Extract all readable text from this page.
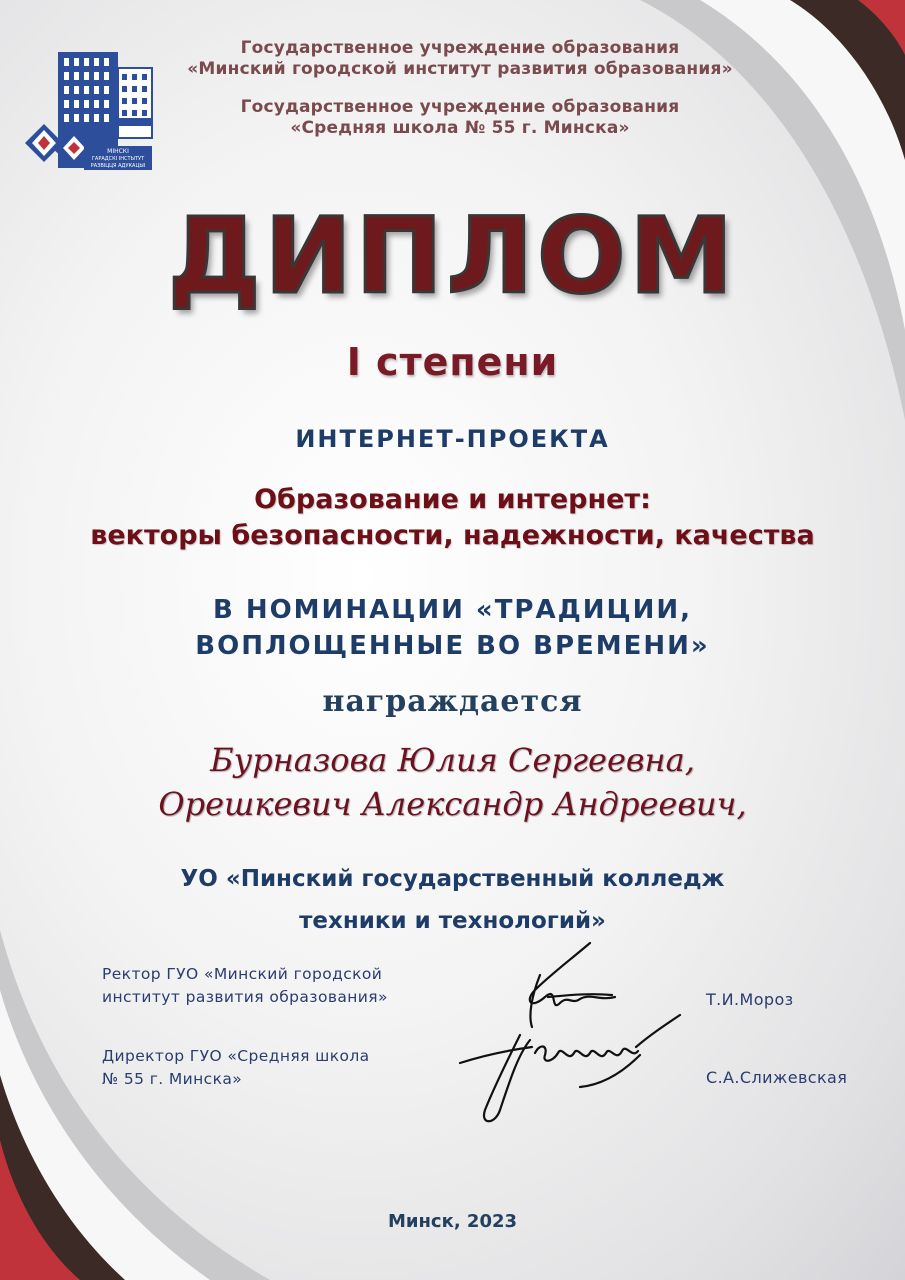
МІНСКІ
ГАРАДСКІ ІНСТЫТУТ
РАЗВІЦЦЯ АДУКАЦЫІ
Государственное учреждение образования
«Минский городской институт развития образования»
Государственное учреждение образования
«Средняя школа № 55 г. Минска»
ДИПЛОМ
I степени
ИНТЕРНЕТ-ПРОЕКТА
Образование и интернет:
векторы безопасности, надежности, качества
В НОМИНАЦИИ «ТРАДИЦИИ,
ВОПЛОЩЕННЫЕ ВО ВРЕМЕНИ»
награждается
Бурназова Юлия Сергеевна,
Орешкевич Александр Андреевич,
УО «Пинский государственный колледж
техники и технологий»
Ректор ГУО «Минский городской
институт развития образования»	Т.И.Мороз
Директор ГУО «Средняя школа
№ 55 г. Минска»	С.А.Слижевская
Минск, 2023
